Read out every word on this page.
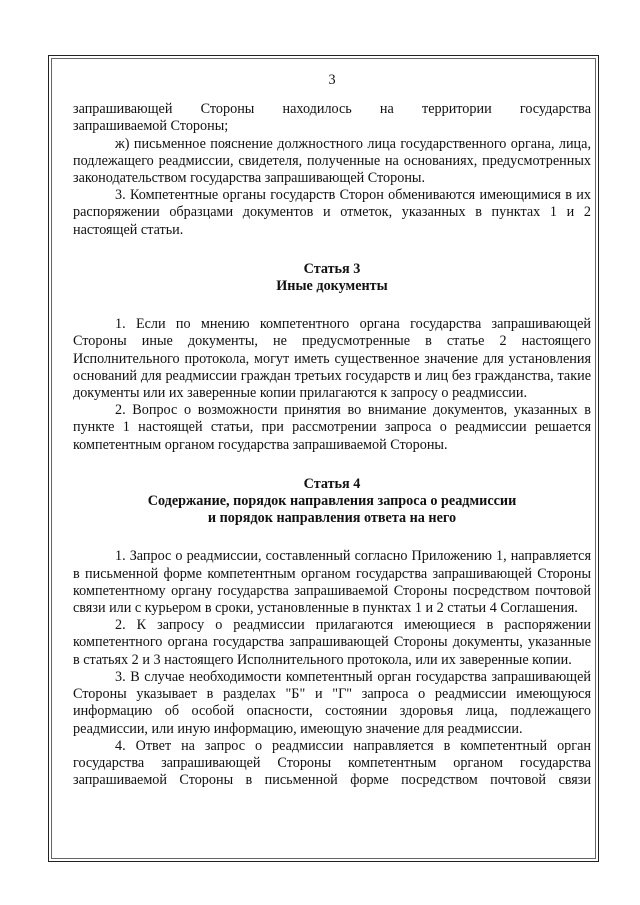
3

запрашивающей Стороны находилось на территории государства

запрашиваемой Стороны;

ж) письменное пояснение должностного лица государственного органа, лица, подлежащего реадмиссии, свидетеля, полученные на основаниях, предусмотренных законодательством государства запрашивающей Стороны.

3. Компетентные органы государств Сторон обмениваются имеющимися в их распоряжении образцами документов и отметок, указанных в пунктах 1 и 2 настоящей статьи.

Статья 3

Иные документы

1. Если по мнению компетентного органа государства запрашивающей Стороны иные документы, не предусмотренные в статье 2 настоящего Исполнительного протокола, могут иметь существенное значение для установления оснований для реадмиссии граждан третьих государств и лиц без гражданства, такие документы или их заверенные копии прилагаются к запросу о реадмиссии.

2. Вопрос о возможности принятия во внимание документов, указанных в пункте 1 настоящей статьи, при рассмотрении запроса о реадмиссии решается компетентным органом государства запрашиваемой Стороны.

Статья 4

Содержание, порядок направления запроса о реадмиссии

и порядок направления ответа на него

1. Запрос о реадмиссии, составленный согласно Приложению 1, направляется в письменной форме компетентным органом государства запрашивающей Стороны компетентному органу государства запрашиваемой Стороны посредством почтовой связи или с курьером в сроки, установленные в пунктах 1 и 2 статьи 4 Соглашения.

2. К запросу о реадмиссии прилагаются имеющиеся в распоряжении компетентного органа государства запрашивающей Стороны документы, указанные в статьях 2 и 3 настоящего Исполнительного протокола, или их заверенные копии.

3. В случае необходимости компетентный орган государства запрашивающей Стороны указывает в разделах "Б" и "Г" запроса о реадмиссии имеющуюся информацию об особой опасности, состоянии здоровья лица, подлежащего реадмиссии, или иную информацию, имеющую значение для реадмиссии.

4. Ответ на запрос о реадмиссии направляется в компетентный орган государства запрашивающей Стороны компетентным органом государства запрашиваемой Стороны в письменной форме посредством почтовой связи
